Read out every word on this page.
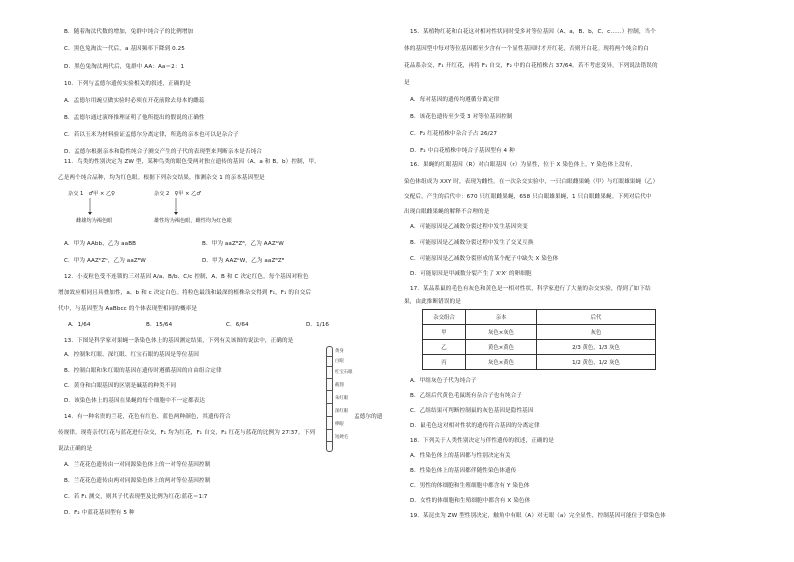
B．随着淘汰代数的增加，兔群中纯合子的比例增加
C．黑色兔淘汰一代后，a 基因频率下降到 0.25
D．黑色兔淘汰两代后，兔群中 AA：Aa＝2：1
10．下列与孟德尔遗传实验相关的叙述，正确的是
A．孟德尔用豌豆做实验时必须在开花前除去母本的雌蕊
B．孟德尔通过演绎推理证明了他所提出的假说的正确性
C．若以玉米为材料验证孟德尔分离定律，所选的亲本也可以是杂合子
D．孟德尔根据亲本和隐性纯合子测交产生的子代的表现型来判断亲本是否纯合
11．鸟类的性别决定为 ZW 型，某种鸟类的眼色受两对独立遗传的基因（A、a 和 B、b）控制，甲、
乙是两个纯合品种，均为红色眼。根据下列杂交结果，推测杂交 1 的亲本基因型是
杂交 1　♂甲 × 乙♀	杂交 2　♀甲 × 乙♂
雌雄均为褐色眼	雄性均为褐色眼，雌性均为红色眼
A．甲为 AAbb，乙为 aaBB	B．甲为 aaZᴮZᴮ，乙为 AAZᵇW
C．甲为 AAZᵇZᵇ，乙为 aaZᴮW	D．甲为 AAZᵇW，乙为 aaZᴮZᴮ
12．小麦粒色受不连锁的三对基因 A/a、B/b、C/c 控制，A、B 和 C 决定红色，每个基因对粒色
增加效应相同且具叠加性，a、b 和 c 决定白色。将粒色最浅和最深的植株杂交得到 F₁，F₁ 的自交后
代中，与基因型为 AaBbcc 的个体表现型相同的概率是
A．1/64	B．15/64	C．6/64	D．1/16
13．下图是科学家对果蝇一条染色体上的基因测定结果，下列有关该图的说法中，正确的是
A．控制朱红眼、深红眼、红宝石眼的基因是等位基因
B．控制白眼和朱红眼的基因在遗传时遵循基因的自由组合定律
C．黄身和白眼基因的区别是碱基的种类不同
D．该染色体上的基因在果蝇的每个细胞中不一定都表达
14．有一种名贵的兰花，花色有红色、蓝色两种颜色，其遗传符合	孟德尔的遗
传规律。现将亲代红花与蓝花进行杂交，F₁ 均为红花，F₁ 自交，F₂ 红花与蓝花的比例为 27∶37。下列
说法正确的是
A．兰花花色遗传由一对同源染色体上的一对等位基因控制
B．兰花花色遗传由两对同源染色体上的两对等位基因控制
C．若 F₁ 测交，则其子代表现型及比例为红花∶蓝花＝1∶7
D．F₂ 中蓝花基因型有 5 种
黄身
白眼
红宝石眼
截翅
朱红眼
深红眼
棒眼
短硬毛
15．某植物红花和白花这对相对性状同时受多对等位基因（A、a，B、b，C、c……）控制，当个
体的基因型中每对等位基因都至少含有一个显性基因时才开红花，否则开白花。现将两个纯合的白
花品系杂交，F₁ 开红花，再将 F₁ 自交，F₂ 中的白花植株占 37/64。若不考虑变异，下列说法错误的
是
A．每对基因的遗传均遵循分离定律
B．该花色遗传至少受 3 对等位基因控制
C．F₂ 红花植株中杂合子占 26/27
D．F₂ 中白花植株中纯合子基因型有 4 种
16．果蝇的红眼基因（R）对白眼基因（r）为显性，位于 X 染色体上，Y 染色体上没有，
染色体组成为 XXY 时，表现为雌性。在一次杂交实验中，一只白眼雌果蝇（甲）与红眼雄果蝇（乙）
交配后，产生的后代中：670 只红眼雌果蝇，658 只白眼雄果蝇，1 只白眼雌果蝇。下列对后代中
出现白眼雌果蝇的解释不合理的是
A．可能原因是乙减数分裂过程中发生基因突变
B．可能原因是乙减数分裂过程中发生了交叉互换
C．可能原因是乙减数分裂形成的某个配子中缺失 X 染色体
D．可能原因是甲减数分裂产生了 XʳXʳ 的卵细胞
17．某品系鼠的毛色有灰色和黄色是一相对性状，科学家进行了大量的杂交实验，得到了如下结
果，由此推断错误的是
杂交组合	亲本	后代
甲	灰色×灰色	灰色
乙	黄色×黄色	2/3 黄色，1/3 灰色
丙	灰色×黄色	1/2 黄色，1/2 灰色
A．甲组灰色子代为纯合子
B．乙组后代黄色毛鼠既有杂合子也有纯合子
C．乙组结果可判断控制鼠的灰色基因是隐性基因
D．鼠毛色这对相对性状的遗传符合基因的分离定律
18．下列关于人类性别决定与伴性遗传的叙述，正确的是
A．性染色体上的基因都与性别决定有关
B．性染色体上的基因都伴随性染色体遗传
C．男性的体细胞和生殖细胞中都含有 Y 染色体
D．女性的体细胞和生殖细胞中都含有 X 染色体
19．某昆虫为 ZW 型性别决定，触角中有眼（A）对无眼（a）完全显性，控制基因可能位于常染色体
